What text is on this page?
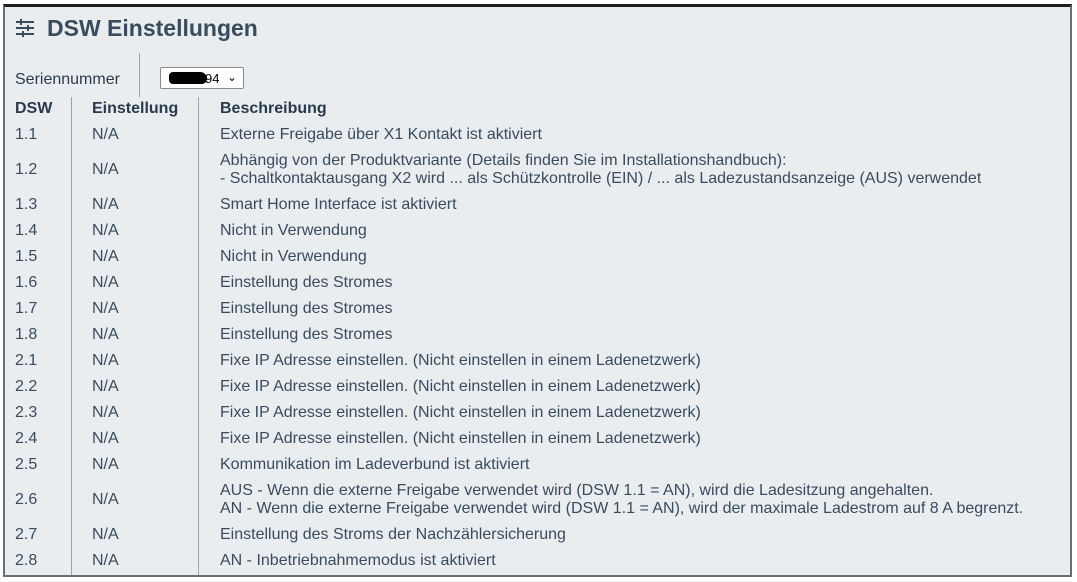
DSW Einstellungen
Seriennummer	94 ⌄
DSW Einstellung	Beschreibung
1.1	N/A	Externe Freigabe über X1 Kontakt ist aktiviert
1.2	N/A
Abhängig von der Produktvariante (Details finden Sie im Installationshandbuch):
- Schaltkontaktausgang X2 wird ... als Schützkontrolle (EIN) / ... als Ladezustandsanzeige (AUS) verwendet
1.3	N/A	Smart Home Interface ist aktiviert
1.4	N/A	Nicht in Verwendung
1.5	N/A	Nicht in Verwendung
1.6	N/A	Einstellung des Stromes
1.7	N/A	Einstellung des Stromes
1.8	N/A	Einstellung des Stromes
2.1	N/A	Fixe IP Adresse einstellen. (Nicht einstellen in einem Ladenetzwerk)
2.2	N/A	Fixe IP Adresse einstellen. (Nicht einstellen in einem Ladenetzwerk)
2.3	N/A	Fixe IP Adresse einstellen. (Nicht einstellen in einem Ladenetzwerk)
2.4	N/A	Fixe IP Adresse einstellen. (Nicht einstellen in einem Ladenetzwerk)
2.5	N/A	Kommunikation im Ladeverbund ist aktiviert
2.6	N/A
AUS - Wenn die externe Freigabe verwendet wird (DSW 1.1 = AN), wird die Ladesitzung angehalten.
AN - Wenn die externe Freigabe verwendet wird (DSW 1.1 = AN), wird der maximale Ladestrom auf 8 A begrenzt.
2.7	N/A	Einstellung des Stroms der Nachzählersicherung
2.8	N/A	AN - Inbetriebnahmemodus ist aktiviert
